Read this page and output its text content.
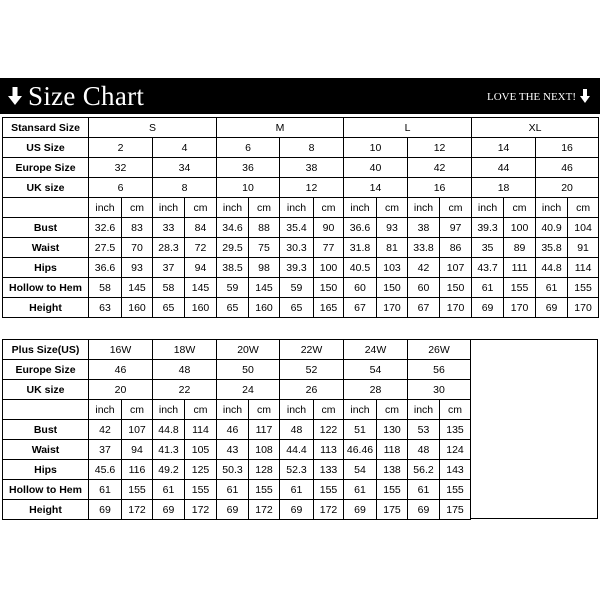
Size Chart	LOVE THE NEXT!
Stansard Size	S				M				L				XL			
US Size	2		4		6		8		10		12		14		16	
Europe Size	32		34		36		38		40		42		44		46	
UK size	6		8		10		12		14		16		18		20	
	inch	cm	inch	cm	inch	cm	inch	cm	inch	cm	inch	cm	inch	cm	inch	cm
Bust	32.6	83	33	84	34.6	88	35.4	90	36.6	93	38	97	39.3	100	40.9	104
Waist	27.5	70	28.3	72	29.5	75	30.3	77	31.8	81	33.8	86	35	89	35.8	91
Hips	36.6	93	37	94	38.5	98	39.3	100	40.5	103	42	107	43.7	111	44.8	114
Hollow to Hem	58	145	58	145	59	145	59	150	60	150	60	150	61	155	61	155
Height	63	160	65	160	65	160	65	165	67	170	67	170	69	170	69	170
Plus Size(US)	16W		18W		20W		22W		24W		26W	
Europe Size	46		48		50		52		54		56	
UK size	20		22		24		26		28		30	
	inch	cm	inch	cm	inch	cm	inch	cm	inch	cm	inch	cm
Bust	42	107	44.8	114	46	117	48	122	51	130	53	135
Waist	37	94	41.3	105	43	108	44.4	113	46.46	118	48	124
Hips	45.6	116	49.2	125	50.3	128	52.3	133	54	138	56.2	143
Hollow to Hem	61	155	61	155	61	155	61	155	61	155	61	155
Height	69	172	69	172	69	172	69	172	69	175	69	175
